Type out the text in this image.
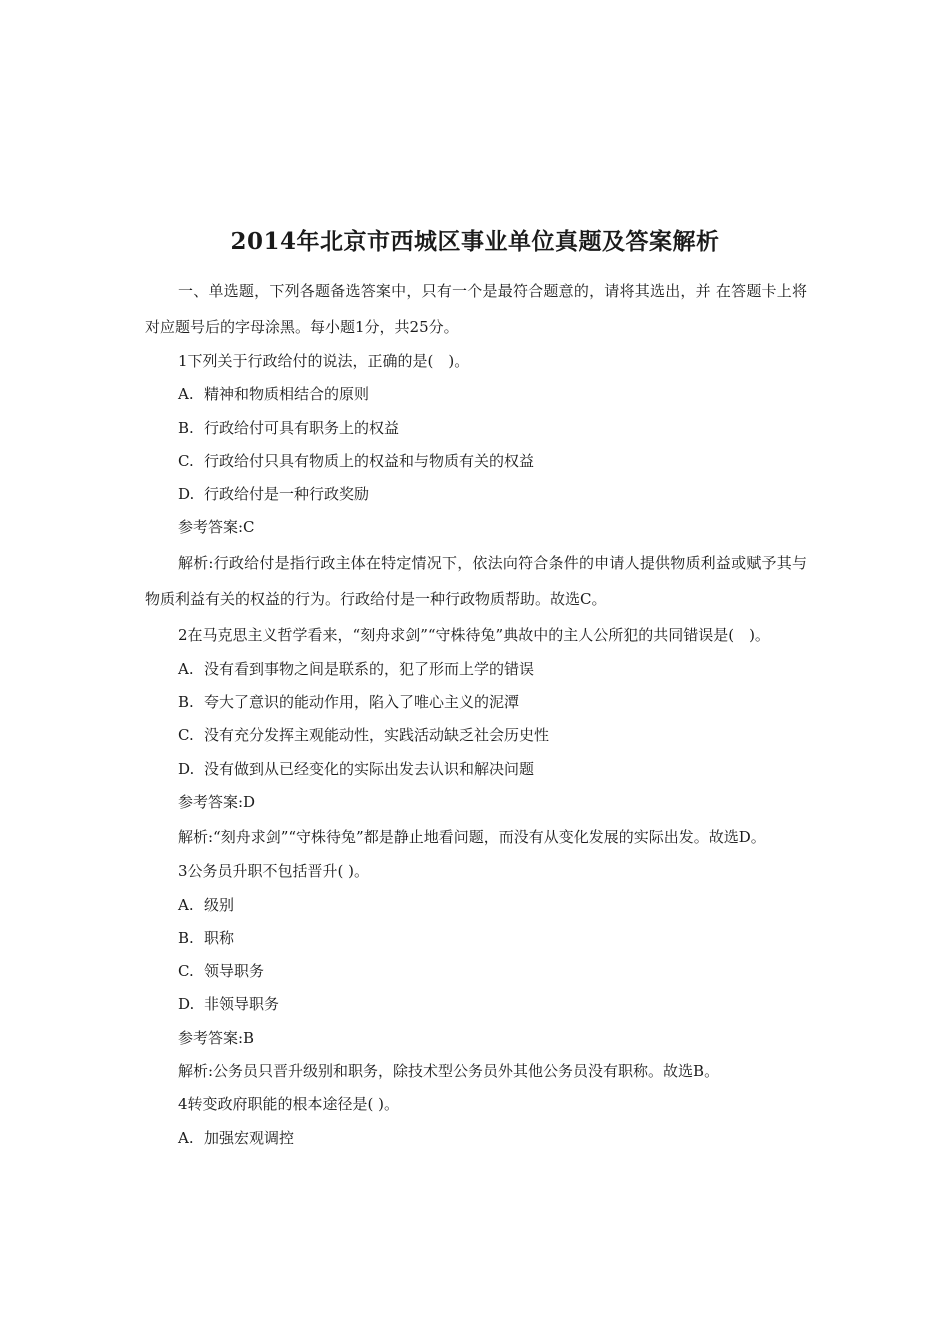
2014年北京市西城区事业单位真题及答案解析

一、单选题，下列各题备选答案中，只有一个是最符合题意的，请将其选出，并 在答题卡上将对应题号后的字母涂黑。每小题1分，共25分。

1下列关于行政给付的说法，正确的是(　)。

A. 精神和物质相结合的原则

B. 行政给付可具有职务上的权益

C. 行政给付只具有物质上的权益和与物质有关的权益

D. 行政给付是一种行政奖励

参考答案:C

解析:行政给付是指行政主体在特定情况下，依法向符合条件的申请人提供物质利益或赋予其与物质利益有关的权益的行为。行政给付是一种行政物质帮助。故选C。

2在马克思主义哲学看来，“刻舟求剑”“守株待兔”典故中的主人公所犯的共同错误是(　)。

A. 没有看到事物之间是联系的，犯了形而上学的错误

B. 夸大了意识的能动作用，陷入了唯心主义的泥潭

C. 没有充分发挥主观能动性，实践活动缺乏社会历史性

D. 没有做到从已经变化的实际出发去认识和解决问题

参考答案:D

解析:“刻舟求剑”“守株待兔”都是静止地看问题，而没有从变化发展的实际出发。故选D。

3公务员升职不包括晋升( )。

A. 级别

B. 职称

C. 领导职务

D. 非领导职务

参考答案:B

解析:公务员只晋升级别和职务，除技术型公务员外其他公务员没有职称。故选B。

4转变政府职能的根本途径是( )。

A. 加强宏观调控
